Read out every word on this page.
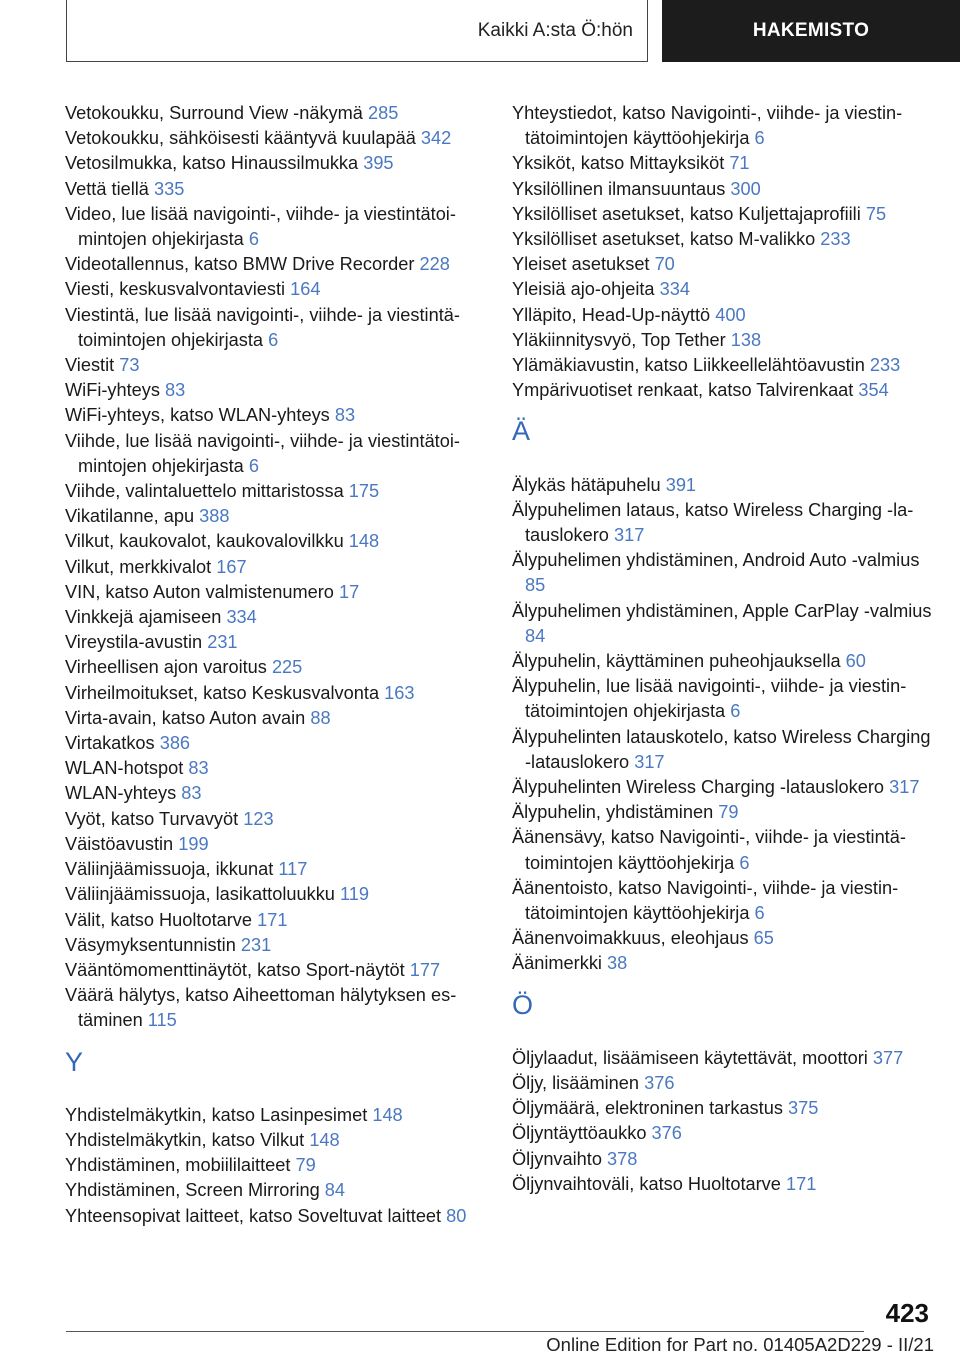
Kaikki A:sta Ö:hön	HAKEMISTO
Vetokoukku, Surround View -näkymä 285
Vetokoukku, sähköisesti kääntyvä kuulapää 342
Vetosilmukka, katso Hinaussilmukka 395
Vettä tiellä 335
Video, lue lisää navigointi-, viihde- ja viestintätoimintojen ohjekirjasta 6
Videotallennus, katso BMW Drive Recorder 228
Viesti, keskusvalvontaviesti 164
Viestintä, lue lisää navigointi-, viihde- ja viestintätoimintojen ohjekirjasta 6
Viestit 73
WiFi-yhteys 83
WiFi-yhteys, katso WLAN-yhteys 83
Viihde, lue lisää navigointi-, viihde- ja viestintätoimintojen ohjekirjasta 6
Viihde, valintaluettelo mittaristossa 175
Vikatilanne, apu 388
Vilkut, kaukovalot, kaukovalovilkku 148
Vilkut, merkkivalot 167
VIN, katso Auton valmistenumero 17
Vinkkejä ajamiseen 334
Vireystila-avustin 231
Virheellisen ajon varoitus 225
Virheilmoitukset, katso Keskusvalvonta 163
Virta-avain, katso Auton avain 88
Virtakatkos 386
WLAN-hotspot 83
WLAN-yhteys 83
Vyöt, katso Turvavyöt 123
Väistöavustin 199
Väliinjäämissuoja, ikkunat 117
Väliinjäämissuoja, lasikattoluukku 119
Välit, katso Huoltotarve 171
Väsymyksentunnistin 231
Vääntömomenttinäytöt, katso Sport-näytöt 177
Väärä hälytys, katso Aiheettoman hälytyksen estäminen 115
Y
Yhdistelmäkytkin, katso Lasinpesimet 148
Yhdistelmäkytkin, katso Vilkut 148
Yhdistäminen, mobiililaitteet 79
Yhdistäminen, Screen Mirroring 84
Yhteensopivat laitteet, katso Soveltuvat laitteet 80
Yhteystiedot, katso Navigointi-, viihde- ja viestintätoimintojen käyttöohjekirja 6
Yksiköt, katso Mittayksiköt 71
Yksilöllinen ilmansuuntaus 300
Yksilölliset asetukset, katso Kuljettajaprofiili 75
Yksilölliset asetukset, katso M-valikko 233
Yleiset asetukset 70
Yleisiä ajo-ohjeita 334
Ylläpito, Head-Up-näyttö 400
Yläkiinnitysvyö, Top Tether 138
Ylämäkiavustin, katso Liikkeellelähtöavustin 233
Ympärivuotiset renkaat, katso Talvirenkaat 354
Ä
Älykäs hätäpuhelu 391
Älypuhelimen lataus, katso Wireless Charging -latauslokero 317
Älypuhelimen yhdistäminen, Android Auto -valmius 85
Älypuhelimen yhdistäminen, Apple CarPlay -valmius 84
Älypuhelin, käyttäminen puheohjauksella 60
Älypuhelin, lue lisää navigointi-, viihde- ja viestintätoimintojen ohjekirjasta 6
Älypuhelinten latauskotelo, katso Wireless Charging -latauslokero 317
Älypuhelinten Wireless Charging -latauslokero 317
Älypuhelin, yhdistäminen 79
Äänensävy, katso Navigointi-, viihde- ja viestintätoimintojen käyttöohjekirja 6
Äänentoisto, katso Navigointi-, viihde- ja viestintätoimintojen käyttöohjekirja 6
Äänenvoimakkuus, eleohjaus 65
Äänimerkki 38
Ö
Öljylaadut, lisäämiseen käytettävät, moottori 377
Öljy, lisääminen 376
Öljymäärä, elektroninen tarkastus 375
Öljyntäyttöaukko 376
Öljynvaihto 378
Öljynvaihtoväli, katso Huoltotarve 171
423
Online Edition for Part no. 01405A2D229 - II/21
